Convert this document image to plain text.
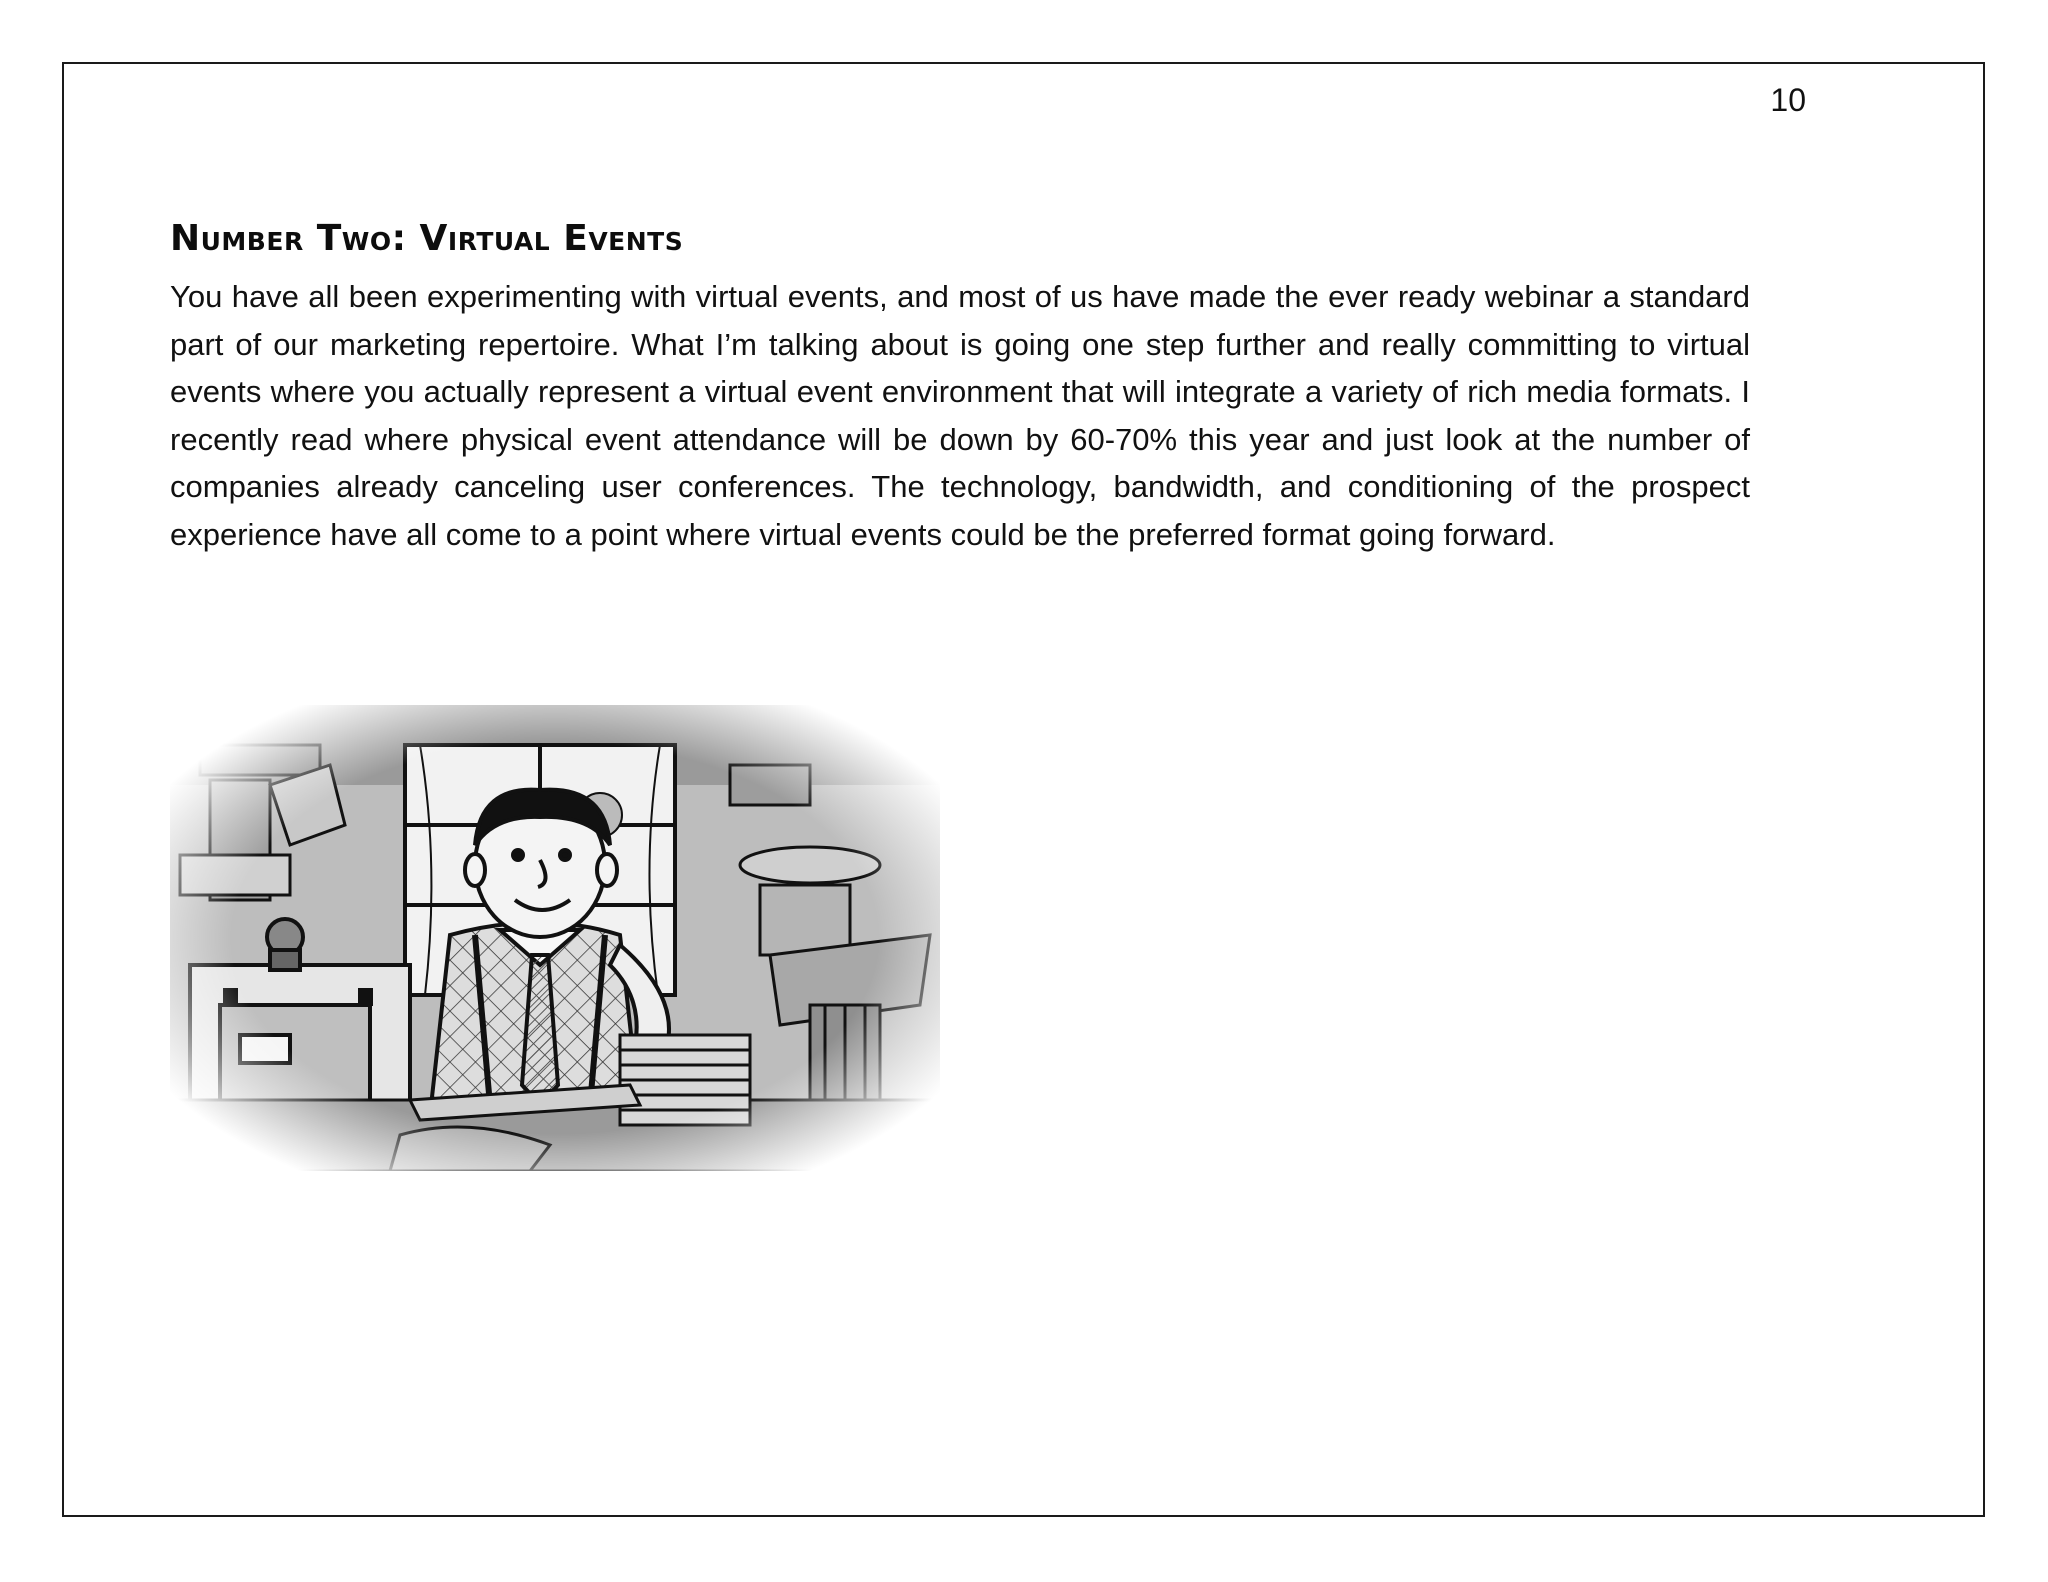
10

Number Two: Virtual Events

You have all been experimenting with virtual events, and most of us have made the ever ready webinar a standard part of our marketing repertoire. What I’m talking about is going one step further and really committing to virtual events where you actually represent a virtual event environment that will integrate a variety of rich media formats. I recently read where physical event attendance will be down by 60-70% this year and just look at the number of companies already canceling user conferences. The technology, bandwidth, and conditioning of the prospect experience have all come to a point where virtual events could be the preferred format going forward.
